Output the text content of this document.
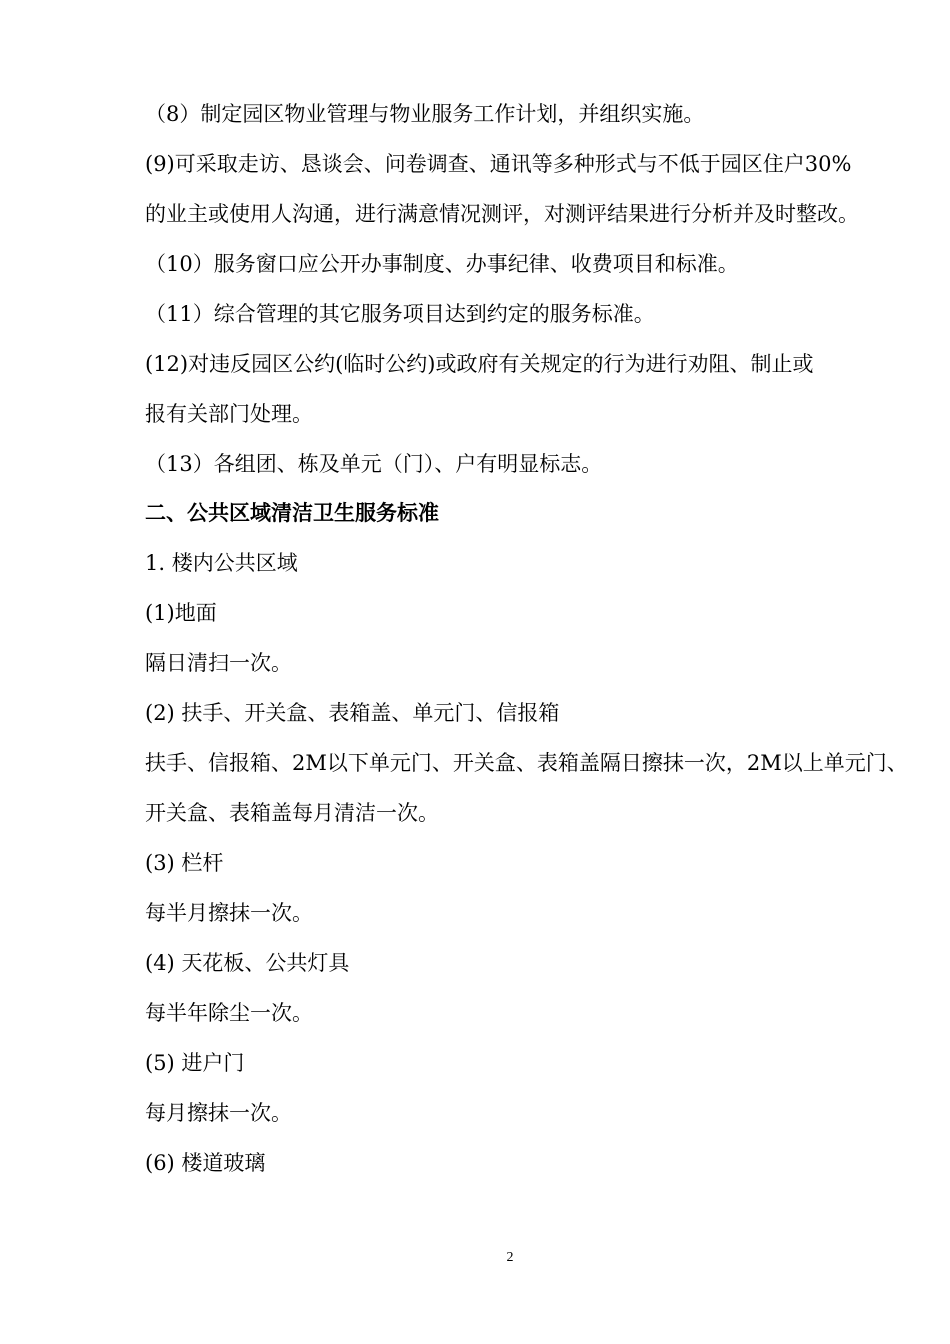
（8）制定园区物业管理与物业服务工作计划，并组织实施。
(9)可采取走访、恳谈会、问卷调查、通讯等多种形式与不低于园区住户30%
的业主或使用人沟通，进行满意情况测评，对测评结果进行分析并及时整改。
（10）服务窗口应公开办事制度、办事纪律、收费项目和标准。
（11）综合管理的其它服务项目达到约定的服务标准。
(12)对违反园区公约(临时公约)或政府有关规定的行为进行劝阻、制止或
报有关部门处理。
（13）各组团、栋及单元（门）、户有明显标志。
二、公共区域清洁卫生服务标准
1. 楼内公共区域
(1)地面
隔日清扫一次。
(2) 扶手、开关盒、表箱盖、单元门、信报箱
扶手、信报箱、2M以下单元门、开关盒、表箱盖隔日擦抹一次，2M以上单元门、
开关盒、表箱盖每月清洁一次。
(3) 栏杆
每半月擦抹一次。
(4) 天花板、公共灯具
每半年除尘一次。
(5) 进户门
每月擦抹一次。
(6) 楼道玻璃
2
